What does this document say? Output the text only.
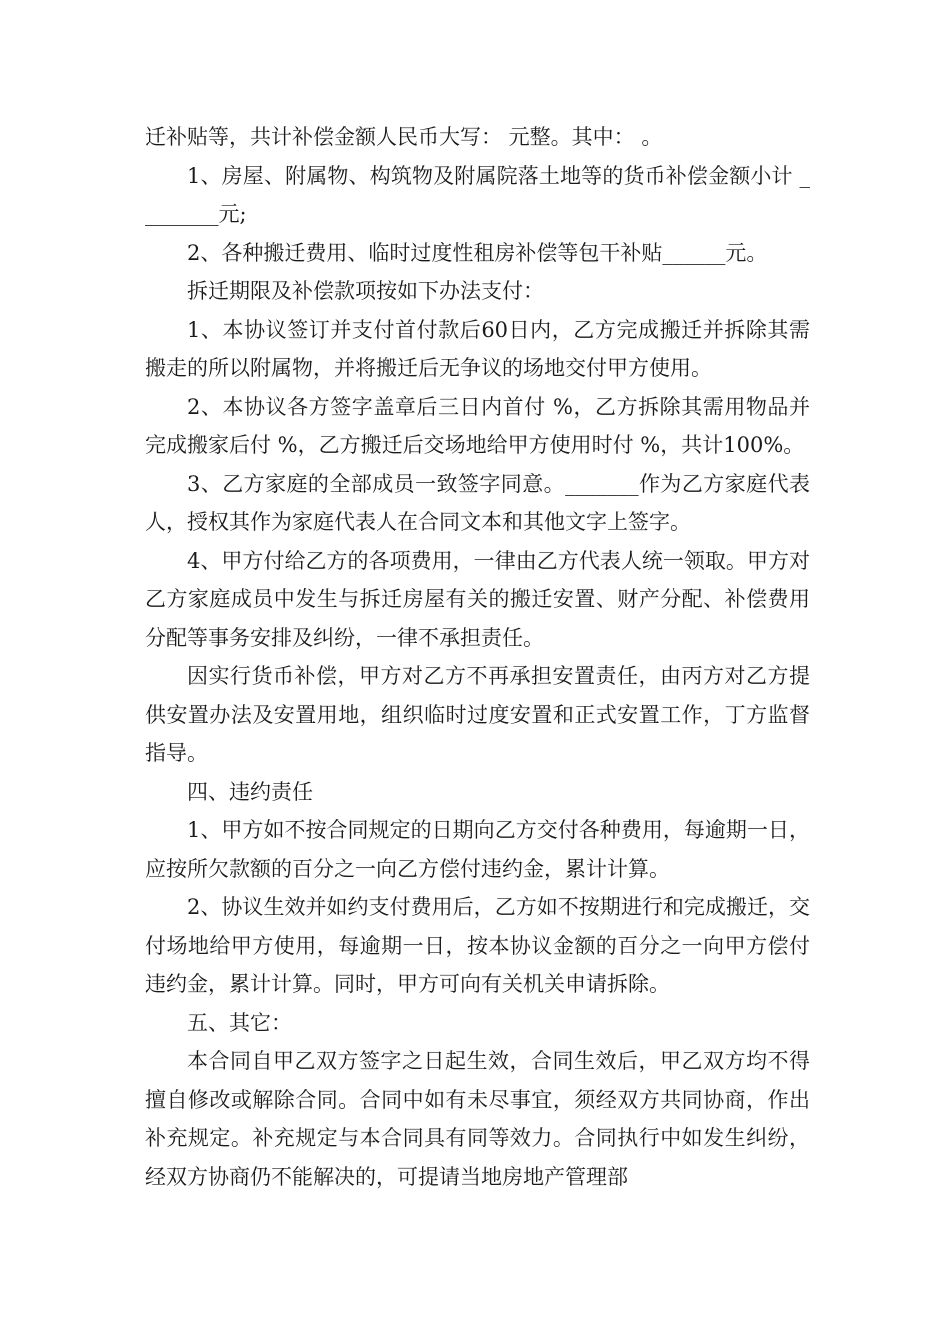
迁补贴等，共计补偿金额人民币大写： 元整。其中： 。

1、房屋、附属物、构筑物及附属院落土地等的货币补偿金额小计 ________元;

2、各种搬迁费用、临时过度性租房补偿等包干补贴______元。

拆迁期限及补偿款项按如下办法支付：

1、本协议签订并支付首付款后60日内，乙方完成搬迁并拆除其需搬走的所以附属物，并将搬迁后无争议的场地交付甲方使用。

2、本协议各方签字盖章后三日内首付 %，乙方拆除其需用物品并完成搬家后付 %，乙方搬迁后交场地给甲方使用时付 %，共计100%。

3、乙方家庭的全部成员一致签字同意。_______作为乙方家庭代表人，授权其作为家庭代表人在合同文本和其他文字上签字。

4、甲方付给乙方的各项费用，一律由乙方代表人统一领取。甲方对乙方家庭成员中发生与拆迁房屋有关的搬迁安置、财产分配、补偿费用分配等事务安排及纠纷，一律不承担责任。

因实行货币补偿，甲方对乙方不再承担安置责任，由丙方对乙方提供安置办法及安置用地，组织临时过度安置和正式安置工作，丁方监督指导。

四、违约责任

1、甲方如不按合同规定的日期向乙方交付各种费用，每逾期一日，应按所欠款额的百分之一向乙方偿付违约金，累计计算。

2、协议生效并如约支付费用后，乙方如不按期进行和完成搬迁，交付场地给甲方使用，每逾期一日，按本协议金额的百分之一向甲方偿付违约金，累计计算。同时，甲方可向有关机关申请拆除。

五、其它：

本合同自甲乙双方签字之日起生效，合同生效后，甲乙双方均不得擅自修改或解除合同。合同中如有未尽事宜，须经双方共同协商，作出补充规定。补充规定与本合同具有同等效力。合同执行中如发生纠纷，经双方协商仍不能解决的，可提请当地房地产管理部
